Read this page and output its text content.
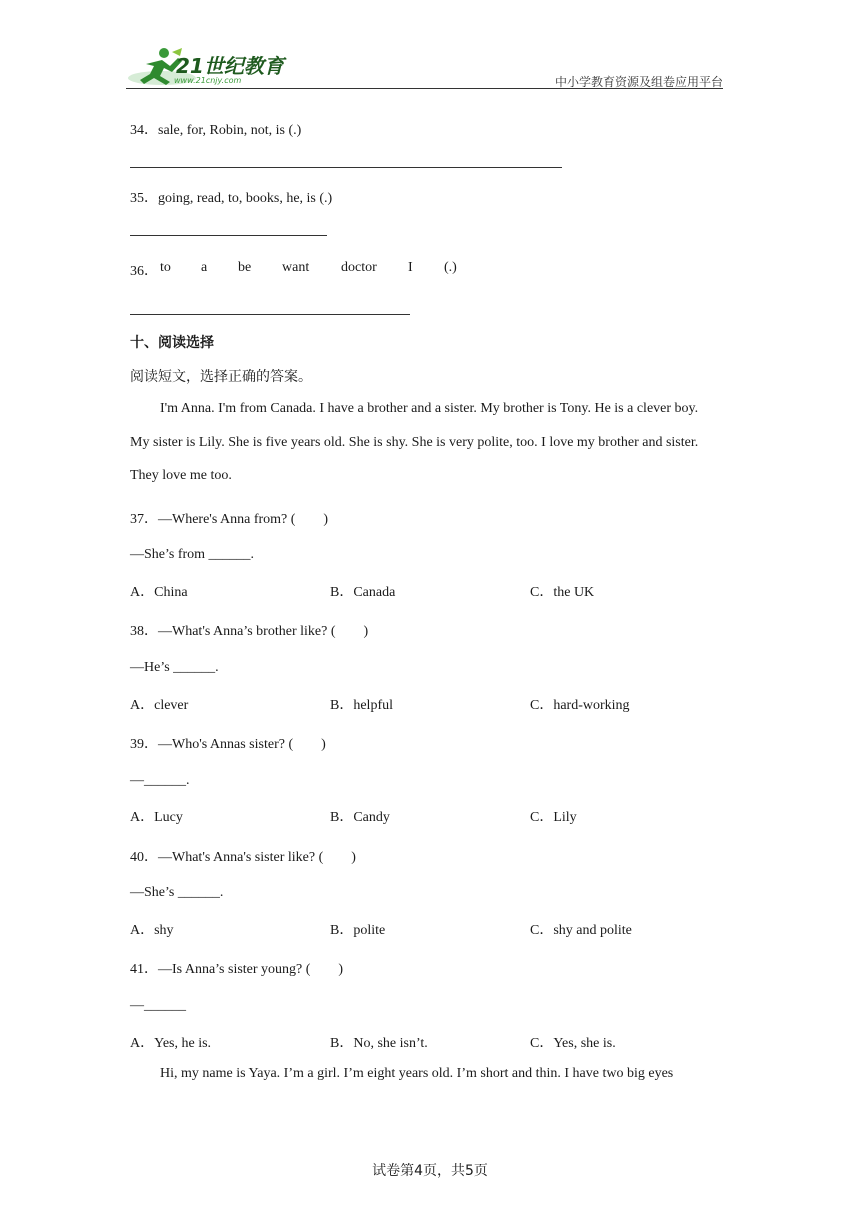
21世纪教育
www.21cnjy.com	中小学教育资源及组卷应用平台
34．sale, for, Robin, not, is (.)
35．going, read, to, books, he, is (.)
36． to a be want doctor I (.)
十、阅读选择
阅读短文，选择正确的答案。
I'm Anna. I'm from Canada. I have a brother and a sister. My brother is Tony. He is a clever boy. My sister is Lily. She is five years old. She is shy. She is very polite, too. I love my brother and sister. They love me too.
37．—Where's Anna from? (　　)
—She’s from ______.
A．China	B．Canada	C．the UK
38．—What's Anna’s brother like? (　　)
—He’s ______.
A．clever	B．helpful	C．hard-working
39．—Who's Annas sister? (　　)
—______.
A．Lucy	B．Candy	C．Lily
40．—What's Anna's sister like? (　　)
—She’s ______.
A．shy	B．polite	C．shy and polite
41．—Is Anna’s sister young? (　　)
—______
A．Yes, he is.	B．No, she isn’t.	C．Yes, she is.
Hi, my name is Yaya. I’m a girl. I’m eight years old. I’m short and thin. I have two big eyes
试卷第4页，共5页
